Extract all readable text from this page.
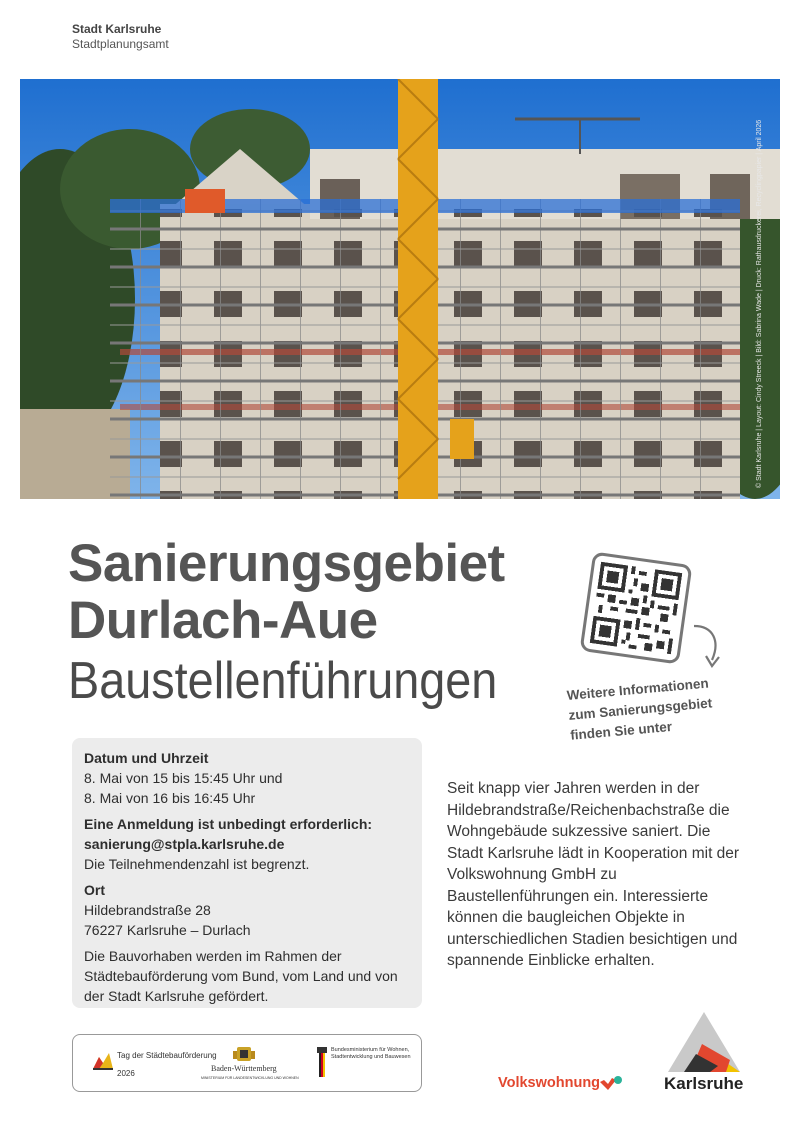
Stadt Karlsruhe
Stadtplanungsamt
© Stadt Karlsruhe | Layout: Cindy Streeck | Bild: Sabrina Wade | Druck: Rathausdruckerei, Recyclingpapier | April 2026
Sanierungsgebiet
Durlach-Aue
Baustellenführungen	Weitere Informationen
zum Sanierungsgebiet
finden Sie unter
Datum und Uhrzeit
8. Mai von 15 bis 15:45 Uhr und
8. Mai von 16 bis 16:45 Uhr
Eine Anmeldung ist unbedingt erforderlich:
sanierung@stpla.karlsruhe.de
Die Teilnehmendenzahl ist begrenzt.
Ort
Hildebrandstraße 28
76227 Karlsruhe – Durlach
Die Bauvorhaben werden im Rahmen der Städtebauförderung vom Bund, vom Land und von der Stadt Karlsruhe gefördert.
Seit knapp vier Jahren werden in der Hildebrandstraße/Reichenbachstraße die Wohngebäude sukzessive saniert. Die Stadt Karlsruhe lädt in Kooperation mit der Volkswohnung GmbH zu Baustellenführungen ein. Interessierte können die baugleichen Objekte in unterschiedlichen Stadien besichtigen und spannende Einblicke erhalten.
Tag der Städtebauförderung
2026
Baden-Württemberg
MINISTERIUM FÜR LANDESENTWICKLUNG UND WOHNEN
Bundesministerium für Wohnen, Stadtentwicklung und Bauwesen
Volkswohnung	Karlsruhe
